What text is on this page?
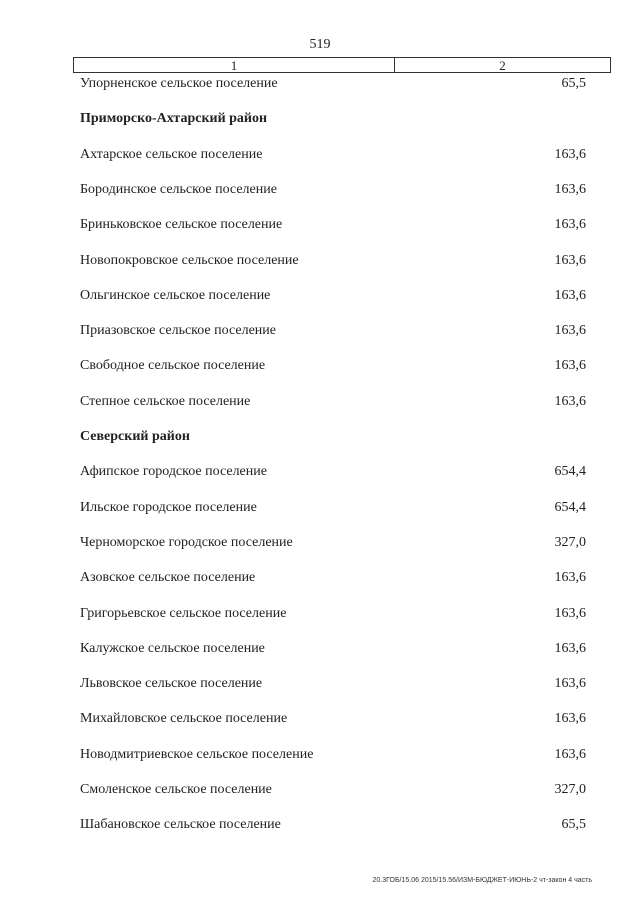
519
1	2
Упорненское сельское поселение	65,5
Приморско-Ахтарский район
Ахтарское сельское поселение	163,6
Бородинское сельское поселение	163,6
Бриньковское сельское поселение	163,6
Новопокровское сельское поселение	163,6
Ольгинское сельское поселение	163,6
Приазовское сельское поселение	163,6
Свободное сельское поселение	163,6
Степное сельское поселение	163,6
Северский район
Афипское городское поселение	654,4
Ильское городское поселение	654,4
Черноморское городское поселение	327,0
Азовское сельское поселение	163,6
Григорьевское сельское поселение	163,6
Калужское сельское поселение	163,6
Львовское сельское поселение	163,6
Михайловское сельское поселение	163,6
Новодмитриевское сельское поселение	163,6
Смоленское сельское поселение	327,0
Шабановское сельское поселение	65,5
20.3ГОБ/15.06 2015/15.56/ИЗМ-БЮДЖЕТ-ИЮНЬ-2 чт-закон 4 часть
